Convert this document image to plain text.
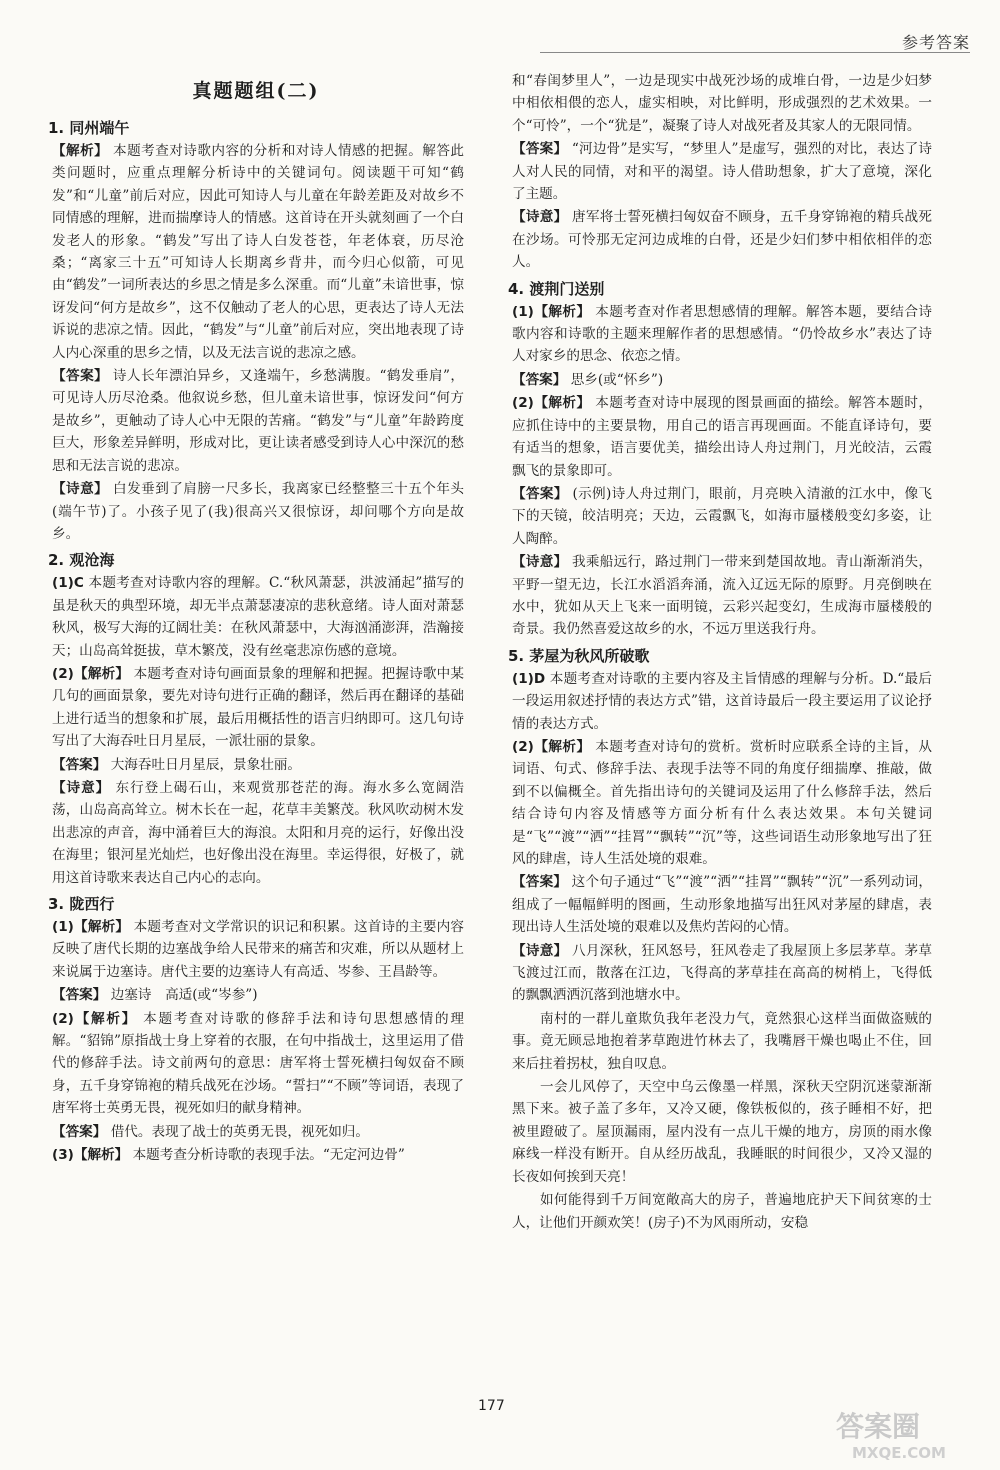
参考答案
真题题组(二)
1. 同州端午
【解析】 本题考查对诗歌内容的分析和对诗人情感的把握。解答此类问题时，应重点理解分析诗中的关键词句。阅读题干可知“鹤发”和“儿童”前后对应，因此可知诗人与儿童在年龄差距及对故乡不同情感的理解，进而揣摩诗人的情感。这首诗在开头就刻画了一个白发老人的形象。“鹤发”写出了诗人白发苍苍，年老体衰，历尽沧桑；“离家三十五”可知诗人长期离乡背井，而今归心似箭，可见由“鹤发”一词所表达的乡思之情是多么深重。而“儿童”未谙世事，惊讶发问“何方是故乡”，这不仅触动了老人的心思，更表达了诗人无法诉说的悲凉之情。因此，“鹤发”与“儿童”前后对应，突出地表现了诗人内心深重的思乡之情，以及无法言说的悲凉之感。
【答案】 诗人长年漂泊异乡，又逢端午，乡愁满腹。“鹤发垂肩”，可见诗人历尽沧桑。他叙说乡愁，但儿童未谙世事，惊讶发问“何方是故乡”，更触动了诗人心中无限的苦痛。“鹤发”与“儿童”年龄跨度巨大，形象差异鲜明，形成对比，更让读者感受到诗人心中深沉的愁思和无法言说的悲凉。
【诗意】 白发垂到了肩膀一尺多长，我离家已经整整三十五个年头(端午节)了。小孩子见了(我)很高兴又很惊讶，却问哪个方向是故乡。
2. 观沧海
(1)C 本题考查对诗歌内容的理解。C.“秋风萧瑟，洪波涌起”描写的虽是秋天的典型环境，却无半点萧瑟凄凉的悲秋意绪。诗人面对萧瑟秋风，极写大海的辽阔壮美：在秋风萧瑟中，大海汹涌澎湃，浩瀚接天；山岛高耸挺拔，草木繁茂，没有丝毫悲凉伤感的意境。
(2)【解析】 本题考查对诗句画面景象的理解和把握。把握诗歌中某几句的画面景象，要先对诗句进行正确的翻译，然后再在翻译的基础上进行适当的想象和扩展，最后用概括性的语言归纳即可。这几句诗写出了大海吞吐日月星辰，一派壮丽的景象。
【答案】 大海吞吐日月星辰，景象壮丽。
【诗意】 东行登上碣石山，来观赏那苍茫的海。海水多么宽阔浩荡，山岛高高耸立。树木长在一起，花草丰美繁茂。秋风吹动树木发出悲凉的声音，海中涌着巨大的海浪。太阳和月亮的运行，好像出没在海里；银河星光灿烂，也好像出没在海里。幸运得很，好极了，就用这首诗歌来表达自己内心的志向。
3. 陇西行
(1)【解析】 本题考查对文学常识的识记和积累。这首诗的主要内容反映了唐代长期的边塞战争给人民带来的痛苦和灾难，所以从题材上来说属于边塞诗。唐代主要的边塞诗人有高适、岑参、王昌龄等。
【答案】 边塞诗　高适(或“岑参”)
(2)【解析】 本题考查对诗歌的修辞手法和诗句思想感情的理解。“貂锦”原指战士身上穿着的衣服，在句中指战士，这里运用了借代的修辞手法。诗文前两句的意思：唐军将士誓死横扫匈奴奋不顾身，五千身穿锦袍的精兵战死在沙场。“誓扫”“不顾”等词语，表现了唐军将士英勇无畏，视死如归的献身精神。
【答案】 借代。表现了战士的英勇无畏，视死如归。
(3)【解析】 本题考查分析诗歌的表现手法。“无定河边骨”
和“春闺梦里人”，一边是现实中战死沙场的成堆白骨，一边是少妇梦中相依相偎的恋人，虚实相映，对比鲜明，形成强烈的艺术效果。一个“可怜”，一个“犹是”，凝聚了诗人对战死者及其家人的无限同情。
【答案】 “河边骨”是实写，“梦里人”是虚写，强烈的对比，表达了诗人对人民的同情，对和平的渴望。诗人借助想象，扩大了意境，深化了主题。
【诗意】 唐军将士誓死横扫匈奴奋不顾身，五千身穿锦袍的精兵战死在沙场。可怜那无定河边成堆的白骨，还是少妇们梦中相依相伴的恋人。
4. 渡荆门送别
(1)【解析】 本题考查对作者思想感情的理解。解答本题，要结合诗歌内容和诗歌的主题来理解作者的思想感情。“仍怜故乡水”表达了诗人对家乡的思念、依恋之情。
【答案】 思乡(或“怀乡”)
(2)【解析】 本题考查对诗中展现的图景画面的描绘。解答本题时，应抓住诗中的主要景物，用自己的语言再现画面。不能直译诗句，要有适当的想象，语言要优美，描绘出诗人舟过荆门，月光皎洁，云霞飘飞的景象即可。
【答案】 (示例)诗人舟过荆门，眼前，月亮映入清澈的江水中，像飞下的天镜，皎洁明亮；天边，云霞飘飞，如海市蜃楼般变幻多姿，让人陶醉。
【诗意】 我乘船远行，路过荆门一带来到楚国故地。青山渐渐消失，平野一望无边，长江水滔滔奔涌，流入辽远无际的原野。月亮倒映在水中，犹如从天上飞来一面明镜，云彩兴起变幻，生成海市蜃楼般的奇景。我仍然喜爱这故乡的水，不远万里送我行舟。
5. 茅屋为秋风所破歌
(1)D 本题考查对诗歌的主要内容及主旨情感的理解与分析。D.“最后一段运用叙述抒情的表达方式”错，这首诗最后一段主要运用了议论抒情的表达方式。
(2)【解析】 本题考查对诗句的赏析。赏析时应联系全诗的主旨，从词语、句式、修辞手法、表现手法等不同的角度仔细揣摩、推敲，做到不以偏概全。首先指出诗句的关键词及运用了什么修辞手法，然后结合诗句内容及情感等方面分析有什么表达效果。本句关键词是“飞”“渡”“洒”“挂罥”“飘转”“沉”等，这些词语生动形象地写出了狂风的肆虐，诗人生活处境的艰难。
【答案】 这个句子通过“飞”“渡”“洒”“挂罥”“飘转”“沉”一系列动词，组成了一幅幅鲜明的图画，生动形象地描写出狂风对茅屋的肆虐，表现出诗人生活处境的艰难以及焦灼苦闷的心情。
【诗意】 八月深秋，狂风怒号，狂风卷走了我屋顶上多层茅草。茅草飞渡过江而，散落在江边，飞得高的茅草挂在高高的树梢上，飞得低的飘飘洒洒沉落到池塘水中。
　　南村的一群儿童欺负我年老没力气，竟然狠心这样当面做盗贼的事。竟无顾忌地抱着茅草跑进竹林去了，我嘴唇干燥也喝止不住，回来后拄着拐杖，独自叹息。
　　一会儿风停了，天空中乌云像墨一样黑，深秋天空阴沉迷蒙渐渐黑下来。被子盖了多年，又冷又硬，像铁板似的，孩子睡相不好，把被里蹬破了。屋顶漏雨，屋内没有一点儿干燥的地方，房顶的雨水像麻线一样没有断开。自从经历战乱，我睡眠的时间很少，又冷又湿的长夜如何挨到天亮！
　　如何能得到千万间宽敞高大的房子，普遍地庇护天下间贫寒的士人，让他们开颜欢笑！(房子)不为风雨所动，安稳
177
答案圈
MXQE.COM
